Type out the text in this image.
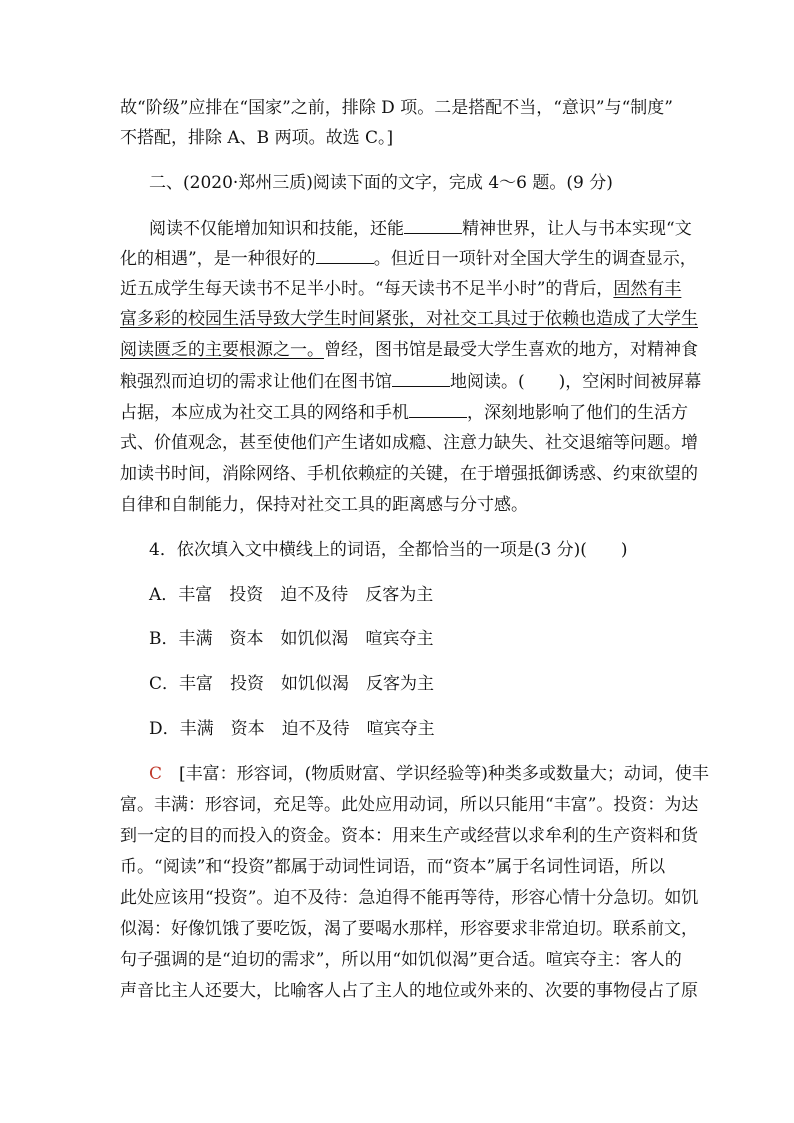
故“阶级”应排在“国家”之前，排除 D 项。二是搭配不当，“意识”与“制度”
不搭配，排除 A、B 两项。故选 C。]
二、(2020·郑州三质)阅读下面的文字，完成 4～6 题。(9 分)
阅读不仅能增加知识和技能，还能	精神世界，让人与书本实现“文
化的相遇”，是一种很好的	。但近日一项针对全国大学生的调查显示，
近五成学生每天读书不足半小时。“每天读书不足半小时”的背后，固然有丰
富多彩的校园生活导致大学生时间紧张，对社交工具过于依赖也造成了大学生
阅读匮乏的主要根源之一。曾经，图书馆是最受大学生喜欢的地方，对精神食
粮强烈而迫切的需求让他们在图书馆	地阅读。(　　)，空闲时间被屏幕
占据，本应成为社交工具的网络和手机	，深刻地影响了他们的生活方
式、价值观念，甚至使他们产生诸如成瘾、注意力缺失、社交退缩等问题。增
加读书时间，消除网络、手机依赖症的关键，在于增强抵御诱惑、约束欲望的
自律和自制能力，保持对社交工具的距离感与分寸感。
4．依次填入文中横线上的词语，全都恰当的一项是(3 分)(　　)
A．丰富　投资　迫不及待　反客为主
B．丰满　资本　如饥似渴　喧宾夺主
C．丰富　投资　如饥似渴　反客为主
D．丰满　资本　迫不及待　喧宾夺主
C　 [丰富：形容词，(物质财富、学识经验等)种类多或数量大；动词，使丰
富。丰满：形容词，充足等。此处应用动词，所以只能用“丰富”。投资：为达
到一定的目的而投入的资金。资本：用来生产或经营以求牟利的生产资料和货
币。“阅读”和“投资”都属于动词性词语，而“资本”属于名词性词语，所以
此处应该用“投资”。迫不及待：急迫得不能再等待，形容心情十分急切。如饥
似渴：好像饥饿了要吃饭，渴了要喝水那样，形容要求非常迫切。联系前文，
句子强调的是“迫切的需求”，所以用“如饥似渴”更合适。喧宾夺主：客人的
声音比主人还要大，比喻客人占了主人的地位或外来的、次要的事物侵占了原
